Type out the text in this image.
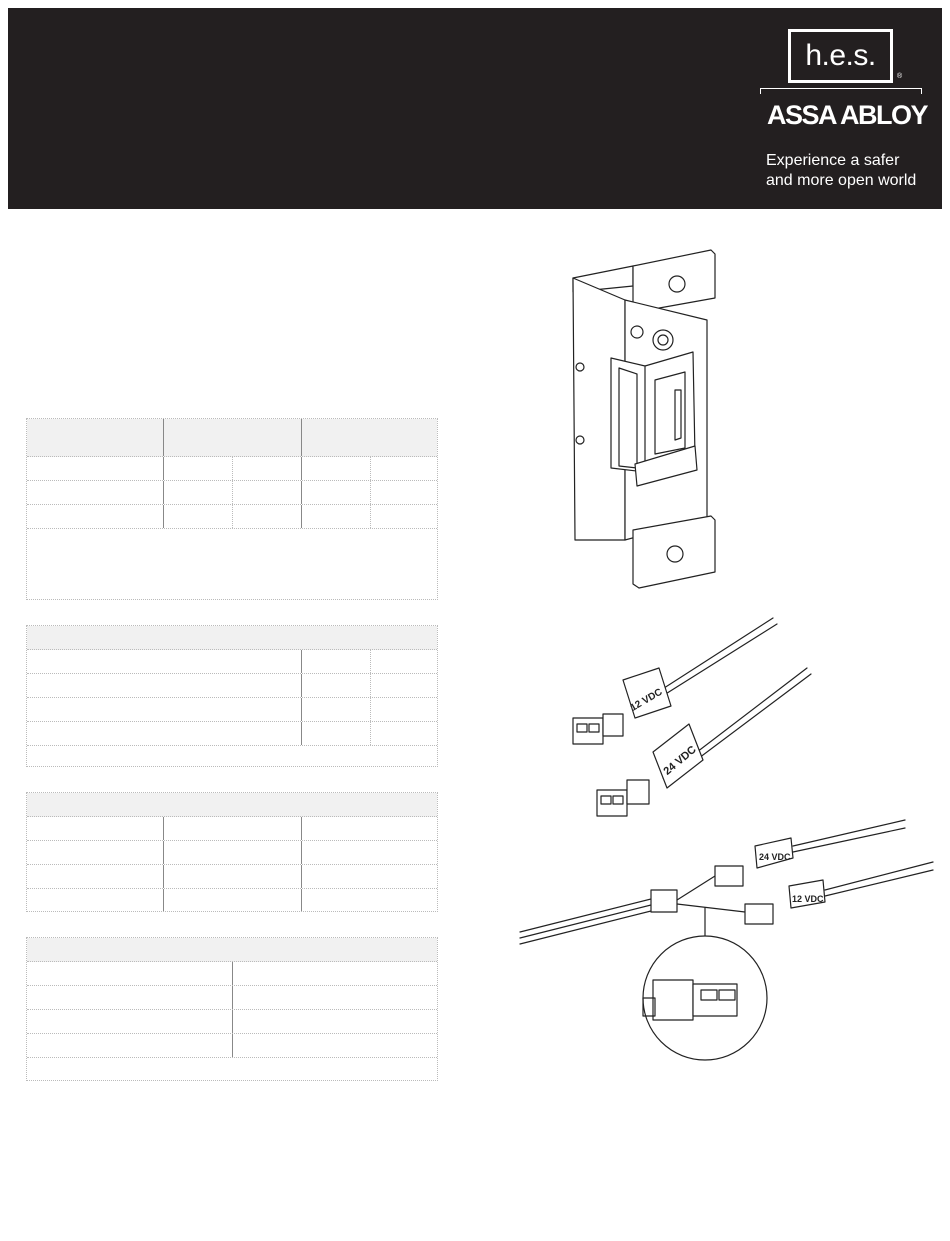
h.e.s.
®
ASSA ABLOY
Experience a safer
and more open world
12 VDC
24 VDC
24 VDC
12 VDC
